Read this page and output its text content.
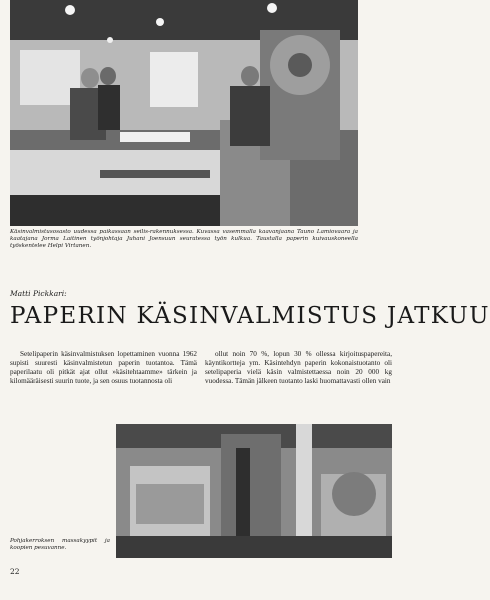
Käsinvalmistusosasto uudessa paikassaan seilis-rakennuksessa. Kuvassa vasemmalla kaavanjaana Tauno Lamiovaara ja kaatajana Jorma Laitinen työnjohtaja Juhani Joensuun seuratessa työn kulkua. Taustalla paperin kuivauskoneella työskentelee Helpi Virtanen.

Matti Pickkari:

PAPERIN KÄSINVALMISTUS JATKUU

Setelipaperin käsinvalmistuksen lopettaminen vuonna 1962 supisti suuresti käsinvalmistetun paperin tuotantoa. Tämä paperilaatu oli pitkät ajat ollut »käsitehtaamme» tärkein ja kilomääräisesti suurin tuote, ja sen osuus tuotannosta oli

ollut noin 70 %, lopun 30 % ollessa kirjoituspapereita, käyntikortteja ym. Käsintehdyn paperin kokonaistuotanto oli setelipaperia vielä käsin valmistettaessa noin 20 000 kg vuodessa. Tämän jälkeen tuotanto laski huomattavasti ollen vain

Pohjakerroksen massakyypit ja koopien pesuvanne.

22
